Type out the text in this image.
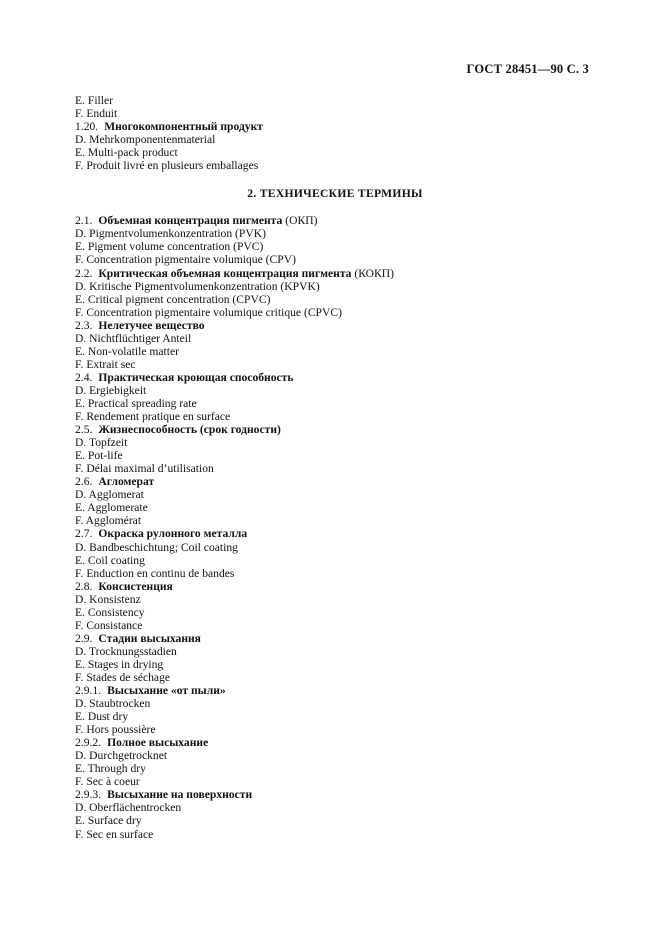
ГОСТ 28451—90 С. 3
E. Filler
F. Enduit
1.20. Многокомпонентный продукт
D. Mehrkomponentenmaterial
E. Multi-pack product
F. Produit livré en plusieurs emballages
2. ТЕХНИЧЕСКИЕ ТЕРМИНЫ
2.1. Объемная концентрация пигмента (ОКП)
D. Pigmentvolumenkonzentration (PVK)
E. Pigment volume concentration (PVC)
F. Concentration pigmentaire volumique (CPV)
2.2. Критическая объемная концентрация пигмента (КОКП)
D. Kritische Pigmentvolumenkonzentration (KPVK)
E. Critical pigment concentration (CPVC)
F. Concentration pigmentaire volumique critique (CPVC)
2.3. Нелетучее вещество
D. Nichtflüchtiger Anteil
E. Non-volatile matter
F. Extrait sec
2.4. Практическая кроющая способность
D. Ergiebigkeit
E. Practical spreading rate
F. Rendement pratique en surface
2.5. Жизнеспособность (срок годности)
D. Topfzeit
E. Pot-life
F. Délai maximal d’utilisation
2.6. Агломерат
D. Agglomerat
E. Agglomerate
F. Agglomérat
2.7. Окраска рулонного металла
D. Bandbeschichtung; Coil coating
E. Coil coating
F. Enduction en continu de bandes
2.8. Консистенция
D. Konsistenz
E. Consistency
F. Consistance
2.9. Стадии высыхания
D. Trocknungsstadien
E. Stages in drying
F. Stades de séchage
2.9.1. Высыхание «от пыли»
D. Staubtrocken
E. Dust dry
F. Hors poussière
2.9.2. Полное высыхание
D. Durchgetrocknet
E. Through dry
F. Sec à coeur
2.9.3. Высыхание на поверхности
D. Oberflächentrocken
E. Surface dry
F. Sec en surface
